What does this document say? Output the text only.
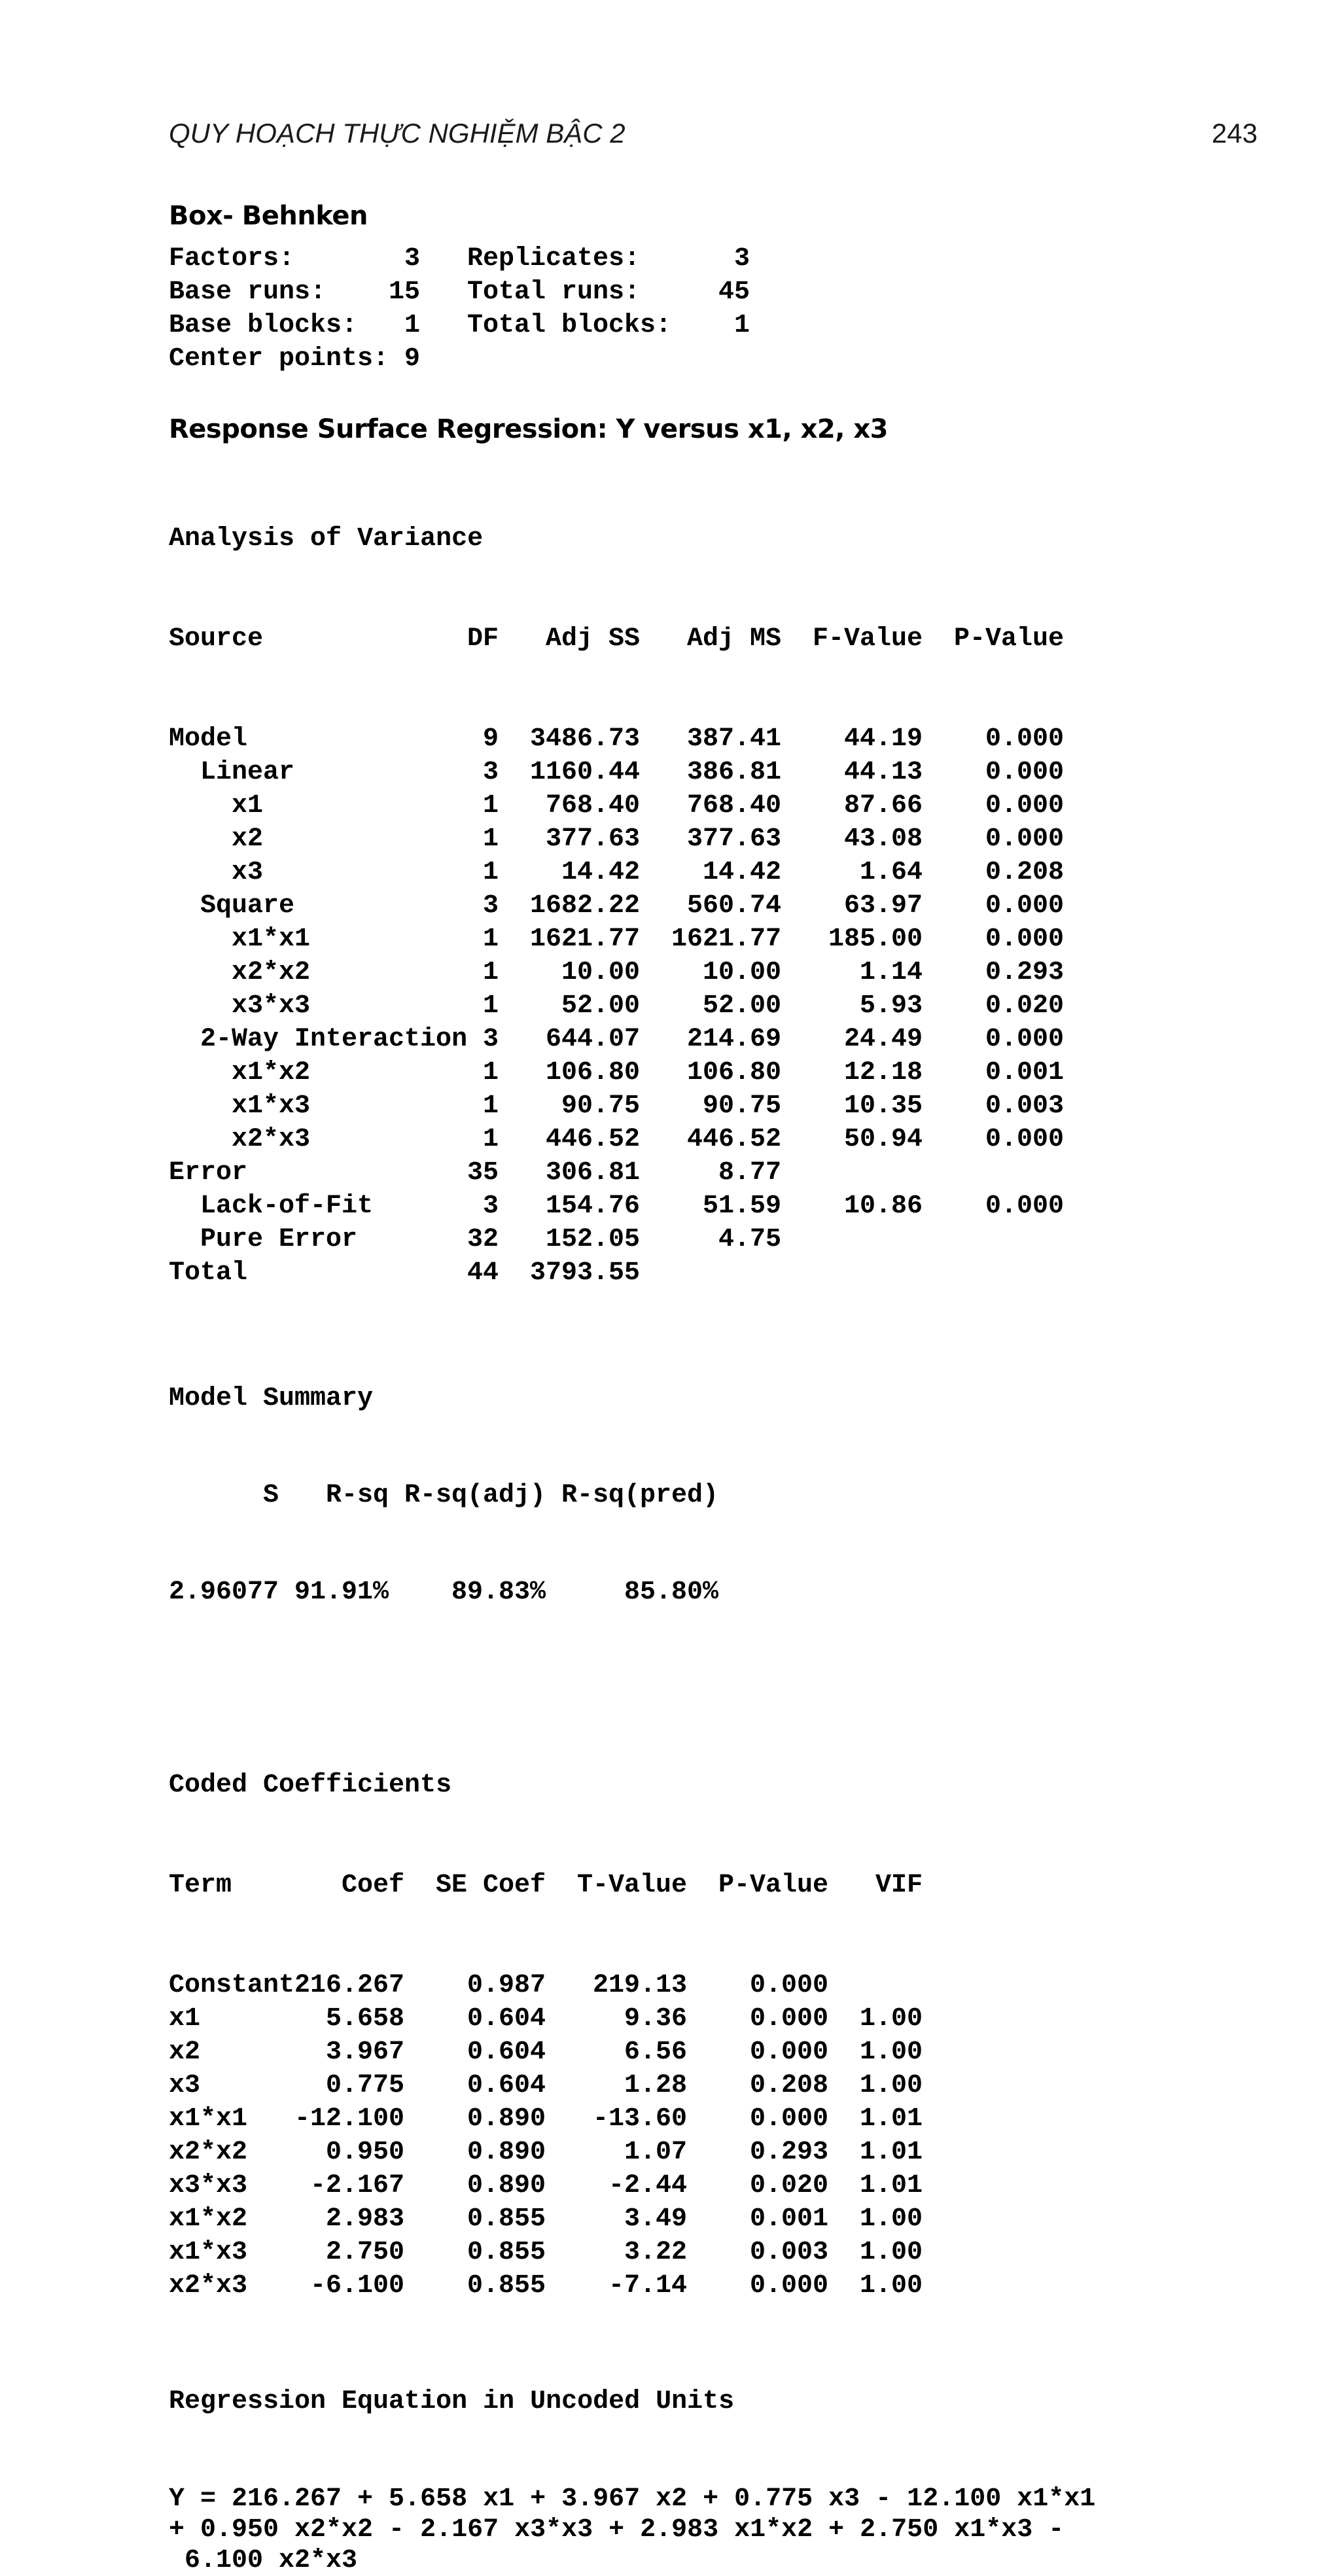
QUY HOẠCH THỰC NGHIỆM BẬC 2	243
Box- Behnken
Factors:	3 Replicates:	3
Base runs:	15 Total runs:	45
Base blocks:	1 Total blocks:	1
Center points: 9
Response Surface Regression: Y versus x1, x2, x3

Analysis of Variance

Source	DF	Adj SS	Adj MS	F-Value	P-Value

Model	9	3486.73	387.41	44.19	0.000
Linear	3	1160.44	386.81	44.13	0.000
x1	1	768.40	768.40	87.66	0.000
x2	1	377.63	377.63	43.08	0.000
x3	1	14.42	14.42	1.64	0.208
Square	3	1682.22	560.74	63.97	0.000
x1*x1	1	1621.77	1621.77	185.00	0.000
x2*x2	1	10.00	10.00	1.14	0.293
x3*x3	1	52.00	52.00	5.93	0.020
2-Way Interaction 3	644.07	214.69	24.49	0.000
x1*x2	1	106.80	106.80	12.18	0.001
x1*x3	1	90.75	90.75	10.35	0.003
x2*x3	1	446.52	446.52	50.94	0.000
Error	35	306.81	8.77
Lack-of-Fit	3	154.76	51.59	10.86	0.000
Pure Error	32	152.05	4.75
Total	44	3793.55

Model Summary

S	R-sq R-sq(adj) R-sq(pred)

2.96077 91.91%	89.83%	85.80%

Coded Coefficients

Term	Coef	SE Coef	T-Value	P-Value	VIF

Constant 216.267	0.987	219.13	0.000
x1	5.658	0.604	9.36	0.000	1.00
x2	3.967	0.604	6.56	0.000	1.00
x3	0.775	0.604	1.28	0.208	1.00
x1*x1	-12.100	0.890	-13.60	0.000	1.01
x2*x2	0.950	0.890	1.07	0.293	1.01
x3*x3	-2.167	0.890	-2.44	0.020	1.01
x1*x2	2.983	0.855	3.49	0.001	1.00
x1*x3	2.750	0.855	3.22	0.003	1.00
x2*x3	-6.100	0.855	-7.14	0.000	1.00

Regression Equation in Uncoded Units

Y = 216.267 + 5.658 x1 + 3.967 x2 + 0.775 x3 - 12.100 x1*x1
+ 0.950 x2*x2 - 2.167 x3*x3 + 2.983 x1*x2 + 2.750 x1*x3 -
6.100 x2*x3
